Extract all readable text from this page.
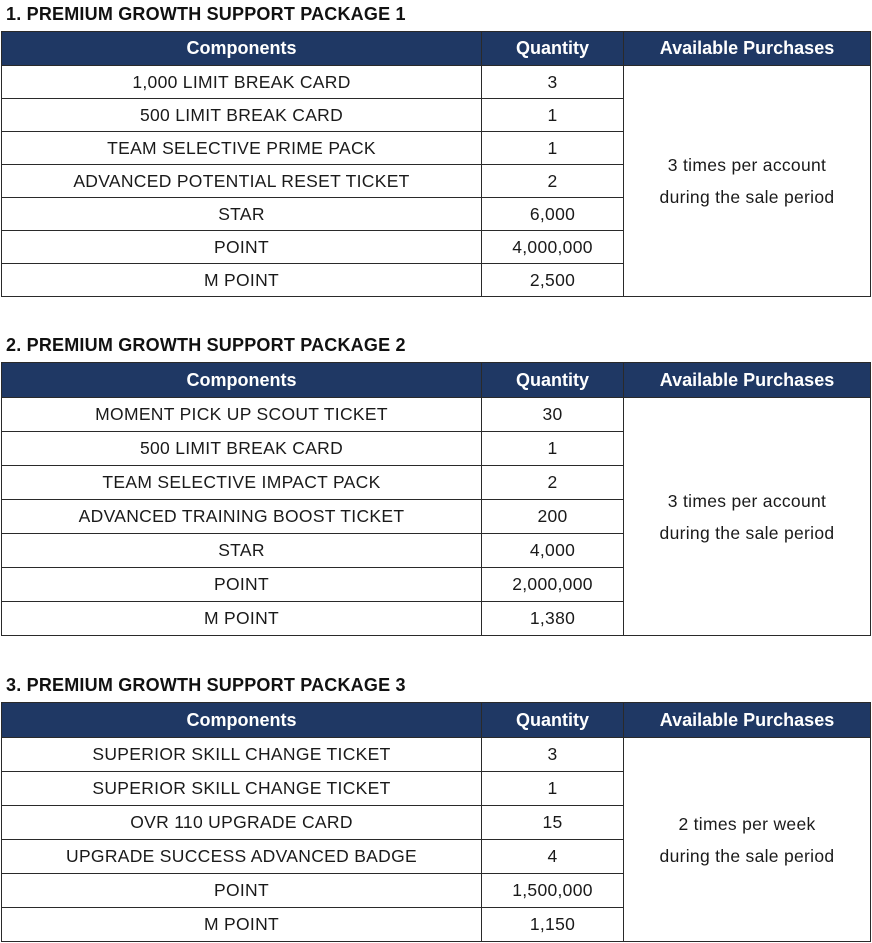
1. PREMIUM GROWTH SUPPORT PACKAGE 1
Components	Quantity	Available Purchases
1,000 LIMIT BREAK CARD	3	3 times per account
during the sale period

500 LIMIT BREAK CARD	1	
TEAM SELECTIVE PRIME PACK	1	
ADVANCED POTENTIAL RESET TICKET	2	
STAR	6,000	
POINT	4,000,000	
M POINT	2,500	
2. PREMIUM GROWTH SUPPORT PACKAGE 2
Components	Quantity	Available Purchases
MOMENT PICK UP SCOUT TICKET	30	3 times per account
during the sale period

500 LIMIT BREAK CARD	1	
TEAM SELECTIVE IMPACT PACK	2	
ADVANCED TRAINING BOOST TICKET	200	
STAR	4,000	
POINT	2,000,000	
M POINT	1,380	
3. PREMIUM GROWTH SUPPORT PACKAGE 3
Components	Quantity	Available Purchases
SUPERIOR SKILL CHANGE TICKET	3	2 times per week
during the sale period

SUPERIOR SKILL CHANGE TICKET	1	
OVR 110 UPGRADE CARD	15	
UPGRADE SUCCESS ADVANCED BADGE	4	
POINT	1,500,000	
M POINT	1,150	
